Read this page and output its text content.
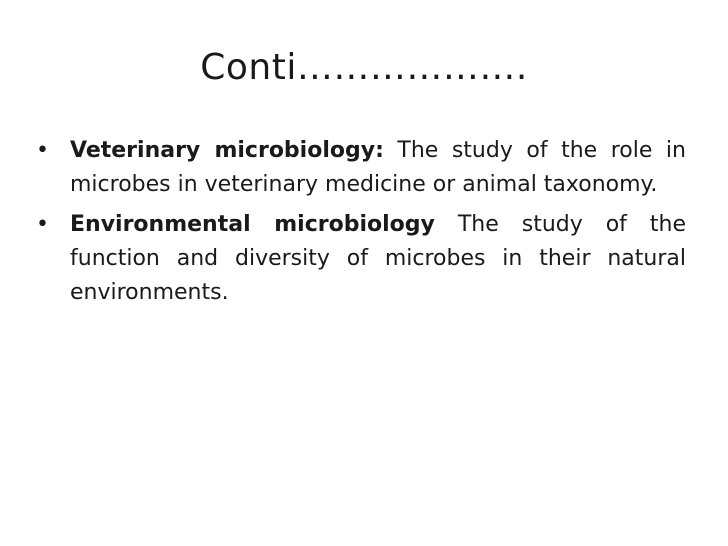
Conti……………….
• Veterinary microbiology: The study of the role in microbes in veterinary medicine or animal taxonomy.
• Environmental microbiology The study of the function and diversity of microbes in their natural environments.
